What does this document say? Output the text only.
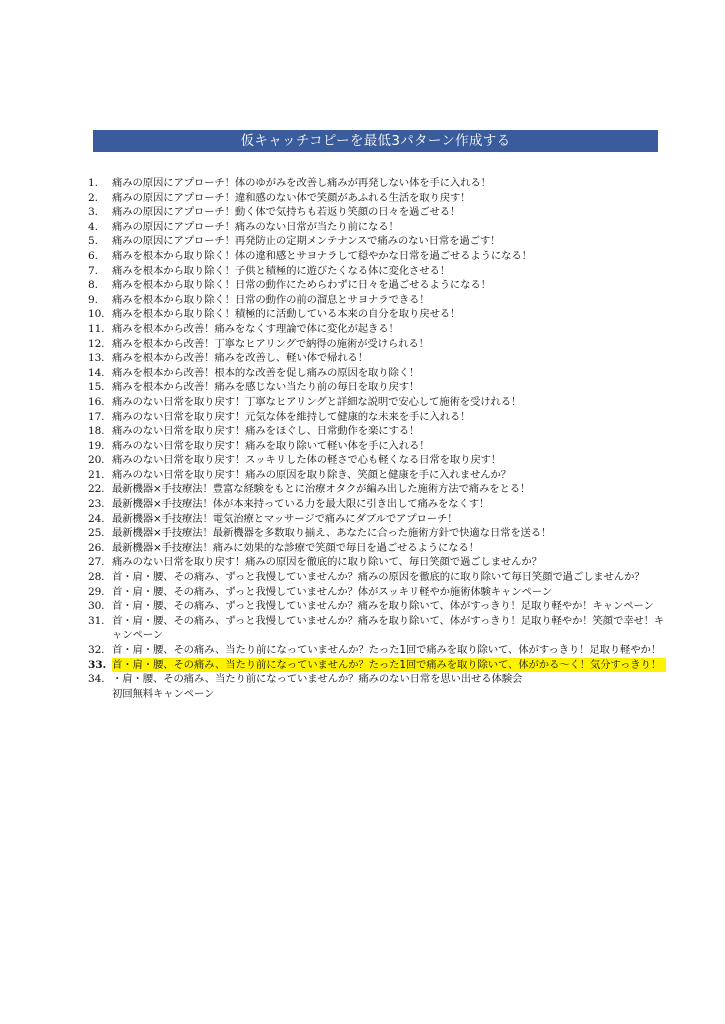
仮キャッチコピーを最低3パターン作成する
1.	痛みの原因にアプローチ！体のゆがみを改善し痛みが再発しない体を手に入れる！
2.	痛みの原因にアプローチ！違和感のない体で笑顔があふれる生活を取り戻す！
3.	痛みの原因にアプローチ！動く体で気持ちも若返り笑顔の日々を過ごせる！
4.	痛みの原因にアプローチ！痛みのない日常が当たり前になる！
5.	痛みの原因にアプローチ！再発防止の定期メンテナンスで痛みのない日常を過ごす！
6.	痛みを根本から取り除く！体の違和感とサヨナラして穏やかな日常を過ごせるようになる！
7.	痛みを根本から取り除く！子供と積極的に遊びたくなる体に変化させる！
8.	痛みを根本から取り除く！日常の動作にためらわずに日々を過ごせるようになる！
9.	痛みを根本から取り除く！日常の動作の前の溜息とサヨナラできる！
10. 痛みを根本から取り除く！積極的に活動している本来の自分を取り戻せる！
11. 痛みを根本から改善！痛みをなくす理論で体に変化が起きる！
12. 痛みを根本から改善！丁寧なヒアリングで納得の施術が受けられる！
13. 痛みを根本から改善！痛みを改善し、軽い体で帰れる！
14. 痛みを根本から改善！根本的な改善を促し痛みの原因を取り除く！
15. 痛みを根本から改善！痛みを感じない当たり前の毎日を取り戻す！
16. 痛みのない日常を取り戻す！丁寧なヒアリングと詳細な説明で安心して施術を受けれる！
17. 痛みのない日常を取り戻す！元気な体を維持して健康的な未来を手に入れる！
18. 痛みのない日常を取り戻す！痛みをほぐし、日常動作を楽にする！
19. 痛みのない日常を取り戻す！痛みを取り除いて軽い体を手に入れる！
20. 痛みのない日常を取り戻す！スッキリした体の軽さで心も軽くなる日常を取り戻す！
21. 痛みのない日常を取り戻す！痛みの原因を取り除き、笑顔と健康を手に入れませんか？
22. 最新機器×手技療法！豊富な経験をもとに治療オタクが編み出した施術方法で痛みをとる！
23. 最新機器×手技療法！体が本来持っている力を最大限に引き出して痛みをなくす！
24. 最新機器×手技療法！電気治療とマッサージで痛みにダブルでアプローチ！
25. 最新機器×手技療法！最新機器を多数取り揃え、あなたに合った施術方針で快適な日常を送る！
26. 最新機器×手技療法！痛みに効果的な診療で笑顔で毎日を過ごせるようになる！
27. 痛みのない日常を取り戻す！痛みの原因を徹底的に取り除いて、毎日笑顔で過ごしませんか？
28. 首・肩・腰、その痛み、ずっと我慢していませんか？痛みの原因を徹底的に取り除いて毎日笑顔で過ごしませんか？
29. 首・肩・腰、その痛み、ずっと我慢していませんか？体がスッキリ軽やか施術体験キャンペーン
30. 首・肩・腰、その痛み、ずっと我慢していませんか？痛みを取り除いて、体がすっきり！足取り軽やか！キャンペーン
31. 首・肩・腰、その痛み、ずっと我慢していませんか？痛みを取り除いて、体がすっきり！足取り軽やか！笑顔で幸せ！キャンペーン
32. 首・肩・腰、その痛み、当たり前になっていませんか？たった1回で痛みを取り除いて、体がすっきり！足取り軽やか！
33. 首・肩・腰、その痛み、当たり前になっていませんか？たった1回で痛みを取り除いて、体がかる～く！気分すっきり！
34. ・肩・腰、その痛み、当たり前になっていませんか？痛みのない日常を思い出せる体験会
初回無料キャンペーン
